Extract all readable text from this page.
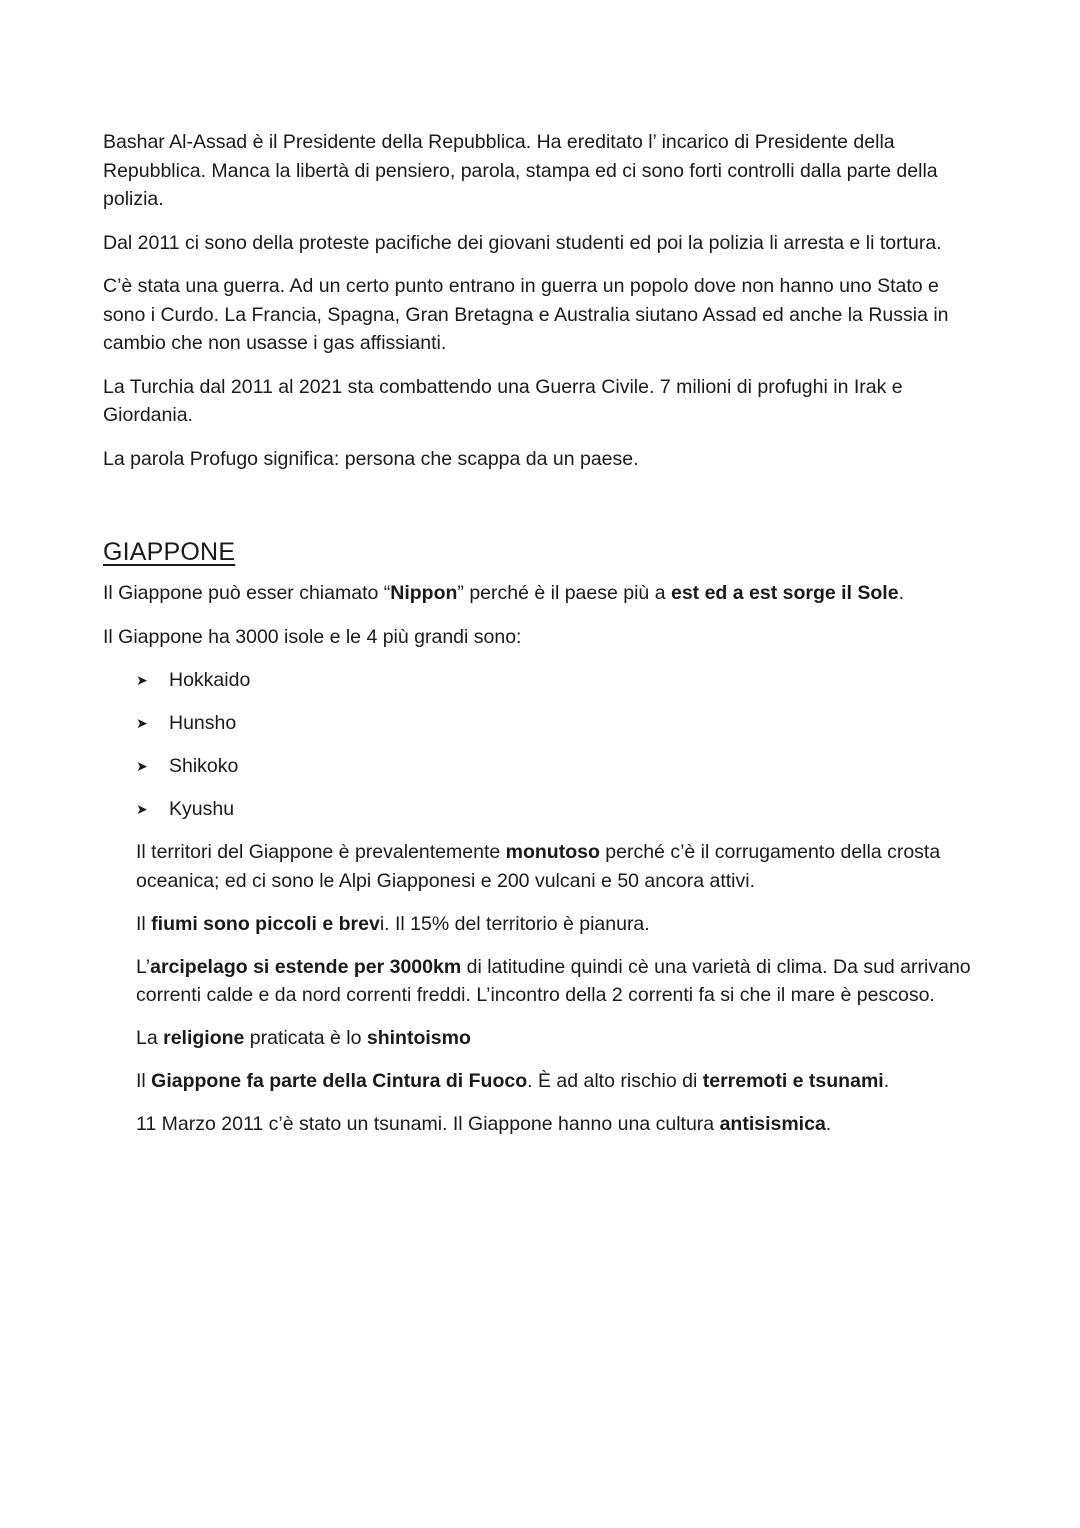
Bashar Al-Assad è il Presidente della Repubblica. Ha ereditato l’ incarico di Presidente della Repubblica. Manca la libertà di pensiero, parola, stampa ed ci sono forti controlli dalla parte della polizia.

Dal 2011 ci sono della proteste pacifiche dei giovani studenti ed poi la polizia li arresta e li tortura.

C’è stata una guerra. Ad un certo punto entrano in guerra un popolo dove non hanno uno Stato e sono i Curdo. La Francia, Spagna, Gran Bretagna e Australia siutano Assad ed anche la Russia in cambio che non usasse i gas affissianti.

La Turchia dal 2011 al 2021 sta combattendo una Guerra Civile. 7 milioni di profughi in Irak e Giordania.

La parola Profugo significa: persona che scappa da un paese.

GIAPPONE

Il Giappone può esser chiamato “Nippon” perché è il paese più a est ed a est sorge il Sole.

Il Giappone ha 3000 isole e le 4 più grandi sono:

➤	Hokkaido
➤	Hunsho
➤	Shikoko
➤	Kyushu

Il territori del Giappone è prevalentemente monutoso perché c’è il corrugamento della crosta oceanica; ed ci sono le Alpi Giapponesi e 200 vulcani e 50 ancora attivi.

Il fiumi sono piccoli e brevi. Il 15% del territorio è pianura.

L’arcipelago si estende per 3000km di latitudine quindi cè una varietà di clima. Da sud arrivano correnti calde e da nord correnti freddi. L’incontro della 2 correnti fa si che il mare è pescoso.

La religione praticata è lo shintoismo

Il Giappone fa parte della Cintura di Fuoco. È ad alto rischio di terremoti e tsunami.

11 Marzo 2011 c’è stato un tsunami. Il Giappone hanno una cultura antisismica.
